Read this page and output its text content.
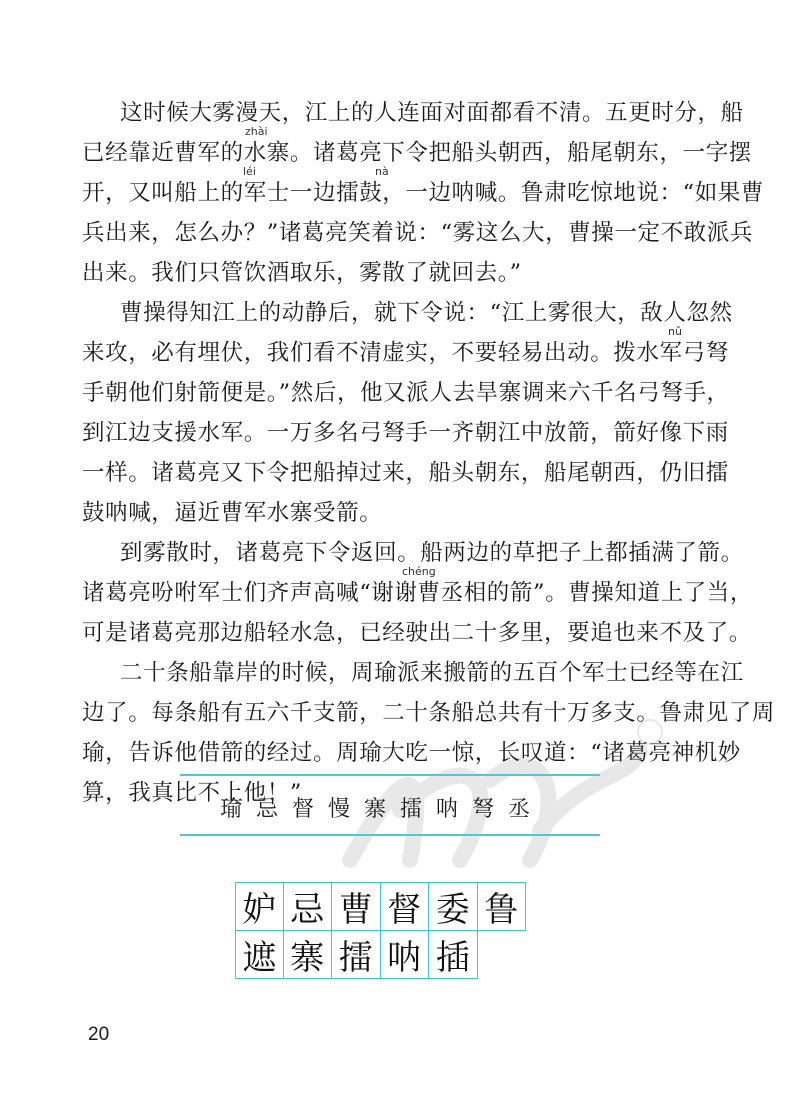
这时候大雾漫天，江上的人连面对面都看不清。五更时分，船
已经靠近曹军的水寨。诸葛亮下令把船头朝西，船尾朝东，一字摆
开，又叫船上的军士一边擂鼓，一边呐喊。鲁肃吃惊地说：“如果曹
兵出来，怎么办？”诸葛亮笑着说：“雾这么大，曹操一定不敢派兵
出来。我们只管饮酒取乐，雾散了就回去。”
曹操得知江上的动静后，就下令说：“江上雾很大，敌人忽然
来攻，必有埋伏，我们看不清虚实，不要轻易出动。拨水军弓弩
手朝他们射箭便是。”然后，他又派人去旱寨调来六千名弓弩手，
到江边支援水军。一万多名弓弩手一齐朝江中放箭，箭好像下雨
一样。诸葛亮又下令把船掉过来，船头朝东，船尾朝西，仍旧擂
鼓呐喊，逼近曹军水寨受箭。
到雾散时，诸葛亮下令返回。船两边的草把子上都插满了箭。
诸葛亮吩咐军士们齐声高喊“谢谢曹丞相的箭”。曹操知道上了当，
可是诸葛亮那边船轻水急，已经驶出二十多里，要追也来不及了。
二十条船靠岸的时候，周瑜派来搬箭的五百个军士已经等在江
边了。每条船有五六千支箭，二十条船总共有十万多支。鲁肃见了周
瑜，告诉他借箭的经过。周瑜大吃一惊，长叹道：“诸葛亮神机妙
算，我真比不上他！”
zhài
léi	nà
nǔ
chéng
瑜忌督慢寨擂呐弩丞
妒 忌 曹 督 委 鲁
遮 寨 擂 呐 插
20
